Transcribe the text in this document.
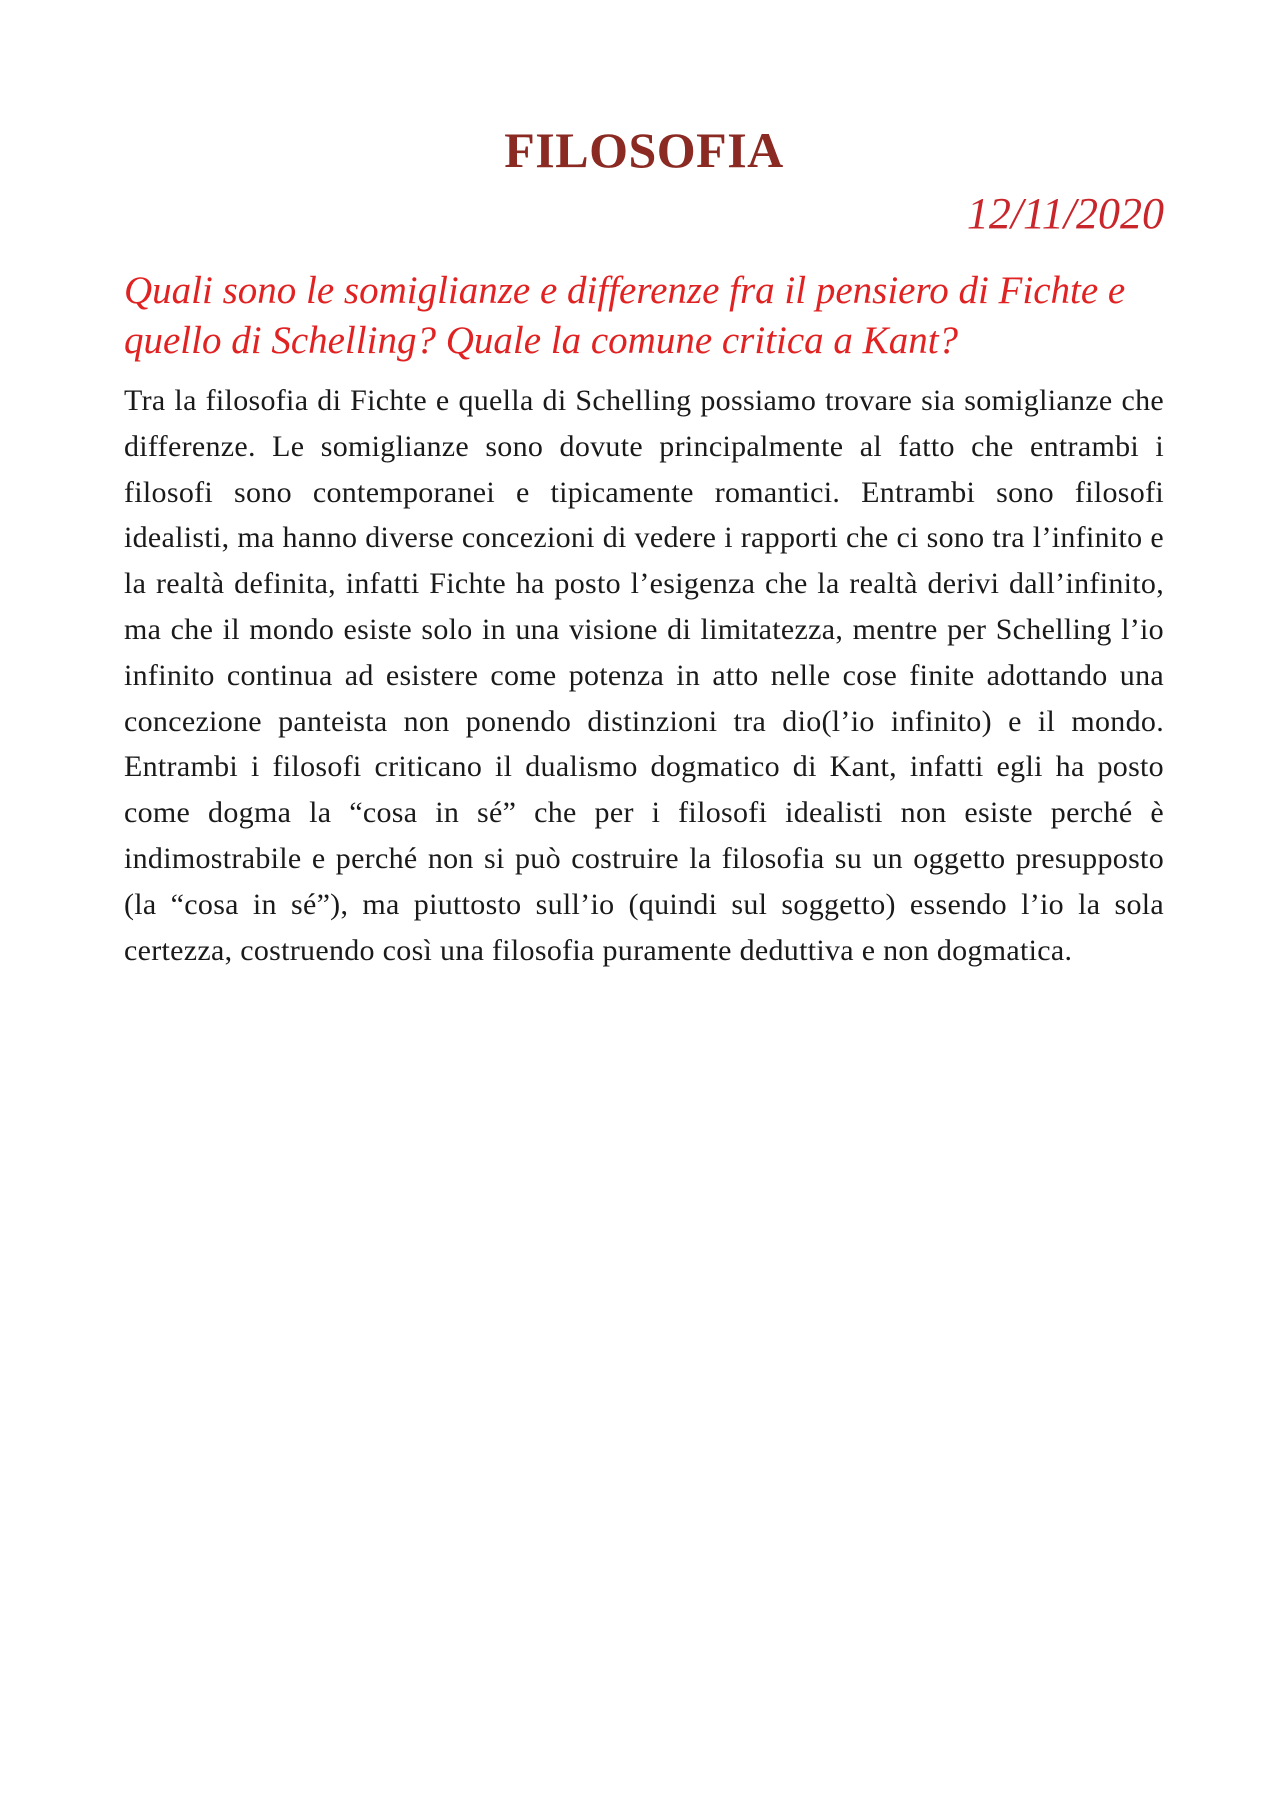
FILOSOFIA

12/11/2020

Quali sono le somiglianze e differenze fra il pensiero di Fichte e quello di Schelling? Quale la comune critica a Kant?

Tra la filosofia di Fichte e quella di Schelling possiamo trovare sia somiglianze che differenze. Le somiglianze sono dovute principalmente al fatto che entrambi i filosofi sono contemporanei e tipicamente romantici. Entrambi sono filosofi idealisti, ma hanno diverse concezioni di vedere i rapporti che ci sono tra l’infinito e la realtà definita, infatti Fichte ha posto l’esigenza che la realtà derivi dall’infinito, ma che il mondo esiste solo in una visione di limitatezza, mentre per Schelling l’io infinito continua ad esistere come potenza in atto nelle cose finite adottando una concezione panteista non ponendo distinzioni tra dio(l’io infinito) e il mondo. Entrambi i filosofi criticano il dualismo dogmatico di Kant, infatti egli ha posto come dogma la “cosa in sé” che per i filosofi idealisti non esiste perché è indimostrabile e perché non si può costruire la filosofia su un oggetto presupposto (la “cosa in sé”), ma piuttosto sull’io (quindi sul soggetto) essendo l’io la sola certezza, costruendo così una filosofia puramente deduttiva e non dogmatica.
